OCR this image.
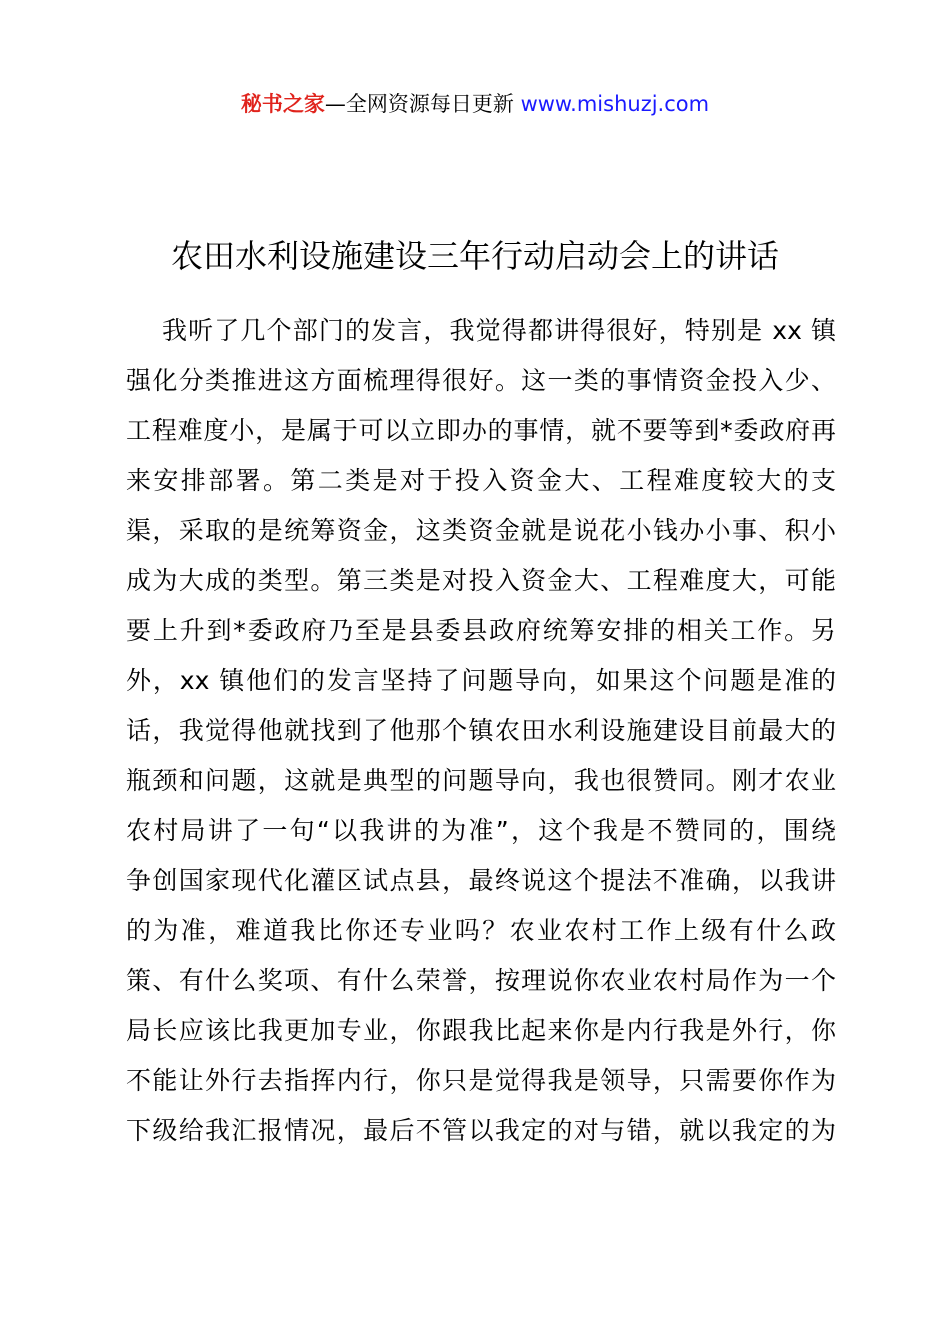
秘书之家—全网资源每日更新 www.mishuzj.com
农田水利设施建设三年行动启动会上的讲话
我听了几个部门的发言，我觉得都讲得很好，特别是 xx 镇
强化分类推进这方面梳理得很好。这一类的事情资金投入少、
工程难度小，是属于可以立即办的事情，就不要等到*委政府再
来安排部署。第二类是对于投入资金大、工程难度较大的支
渠，采取的是统筹资金，这类资金就是说花小钱办小事、积小
成为大成的类型。第三类是对投入资金大、工程难度大，可能
要上升到*委政府乃至是县委县政府统筹安排的相关工作。另
外，xx 镇他们的发言坚持了问题导向，如果这个问题是准的
话，我觉得他就找到了他那个镇农田水利设施建设目前最大的
瓶颈和问题，这就是典型的问题导向，我也很赞同。刚才农业
农村局讲了一句“以我讲的为准”，这个我是不赞同的，围绕
争创国家现代化灌区试点县，最终说这个提法不准确，以我讲
的为准，难道我比你还专业吗？农业农村工作上级有什么政
策、有什么奖项、有什么荣誉，按理说你农业农村局作为一个
局长应该比我更加专业，你跟我比起来你是内行我是外行，你
不能让外行去指挥内行，你只是觉得我是领导，只需要你作为
下级给我汇报情况，最后不管以我定的对与错，就以我定的为
